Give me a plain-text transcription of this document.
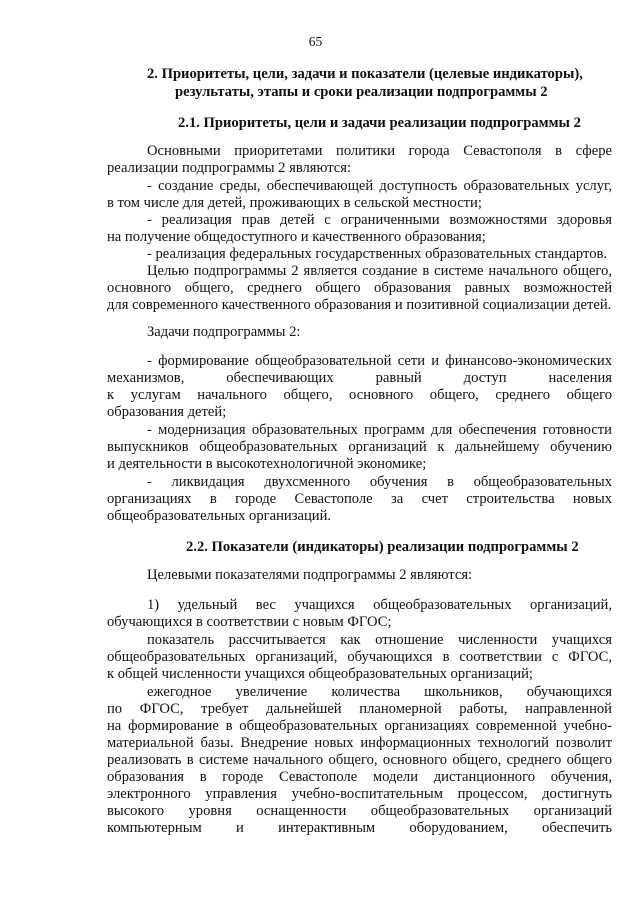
65
2. Приоритеты, цели, задачи и показатели (целевые индикаторы),
результаты, этапы и сроки реализации подпрограммы 2
2.1. Приоритеты, цели и задачи реализации подпрограммы 2
Основными приоритетами политики города Севастополя в сфере
реализации подпрограммы 2 являются:
- создание среды, обеспечивающей доступность образовательных услуг,
в том числе для детей, проживающих в сельской местности;
- реализация прав детей с ограниченными возможностями здоровья
на получение общедоступного и качественного образования;
- реализация федеральных государственных образовательных стандартов.
Целью подпрограммы 2 является создание в системе начального общего,
основного общего, среднего общего образования равных возможностей
для современного качественного образования и позитивной социализации детей.
Задачи подпрограммы 2:
- формирование общеобразовательной сети и финансово-экономических
механизмов, обеспечивающих равный доступ населения
к услугам начального общего, основного общего, среднего общего
образования детей;
- модернизация образовательных программ для обеспечения готовности
выпускников общеобразовательных организаций к дальнейшему обучению
и деятельности в высокотехнологичной экономике;
- ликвидация двухсменного обучения в общеобразовательных
организациях в городе Севастополе за счет строительства новых
общеобразовательных организаций.
2.2. Показатели (индикаторы) реализации подпрограммы 2
Целевыми показателями подпрограммы 2 являются:
1) удельный вес учащихся общеобразовательных организаций,
обучающихся в соответствии с новым ФГОС;
показатель рассчитывается как отношение численности учащихся
общеобразовательных организаций, обучающихся в соответствии с ФГОС,
к общей численности учащихся общеобразовательных организаций;
ежегодное увеличение количества школьников, обучающихся
по ФГОС, требует дальнейшей планомерной работы, направленной
на формирование в общеобразовательных организациях современной учебно-
материальной базы. Внедрение новых информационных технологий позволит
реализовать в системе начального общего, основного общего, среднего общего
образования в городе Севастополе модели дистанционного обучения,
электронного управления учебно-воспитательным процессом, достигнуть
высокого уровня оснащенности общеобразовательных организаций
компьютерным и интерактивным оборудованием, обеспечить
